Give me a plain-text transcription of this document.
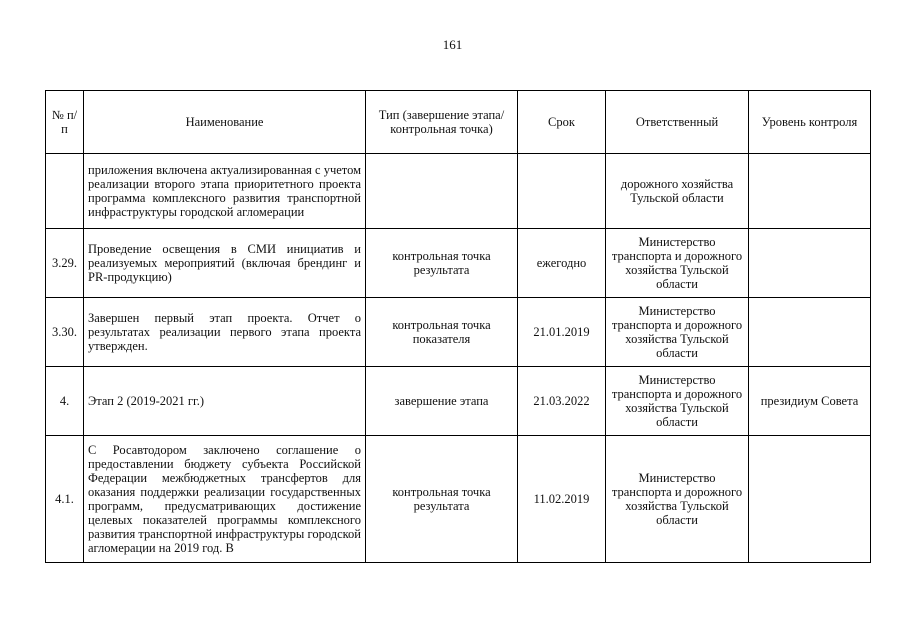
161
№ п/п	Наименование	Тип (завершение этапа/контрольная точка)	Срок	Ответственный	Уровень контроля
	приложения включена актуализированная с учетом реализации второго этапа приоритетного проекта программа комплексного развития транспортной инфраструктуры городской агломерации			дорожного хозяйства Тульской области	
3.29.	Проведение освещения в СМИ инициатив и реализуемых мероприятий (включая брендинг и PR-продукцию)	контрольная точка результата	ежегодно	Министерство транспорта и дорожного хозяйства Тульской области	
3.30.	Завершен первый этап проекта. Отчет о результатах реализации первого этапа проекта утвержден.	контрольная точка показателя	21.01.2019	Министерство транспорта и дорожного хозяйства Тульской области	
4.	Этап 2 (2019-2021 гг.)	завершение этапа	21.03.2022	Министерство транспорта и дорожного хозяйства Тульской области	президиум Совета
4.1.	С Росавтодором заключено соглашение о предоставлении бюджету субъекта Российской Федерации межбюджетных трансфертов для оказания поддержки реализации государственных программ, предусматривающих достижение целевых показателей программы комплексного развития транспортной инфраструктуры городской агломерации на 2019 год. В	контрольная точка результата	11.02.2019	Министерство транспорта и дорожного хозяйства Тульской области	
